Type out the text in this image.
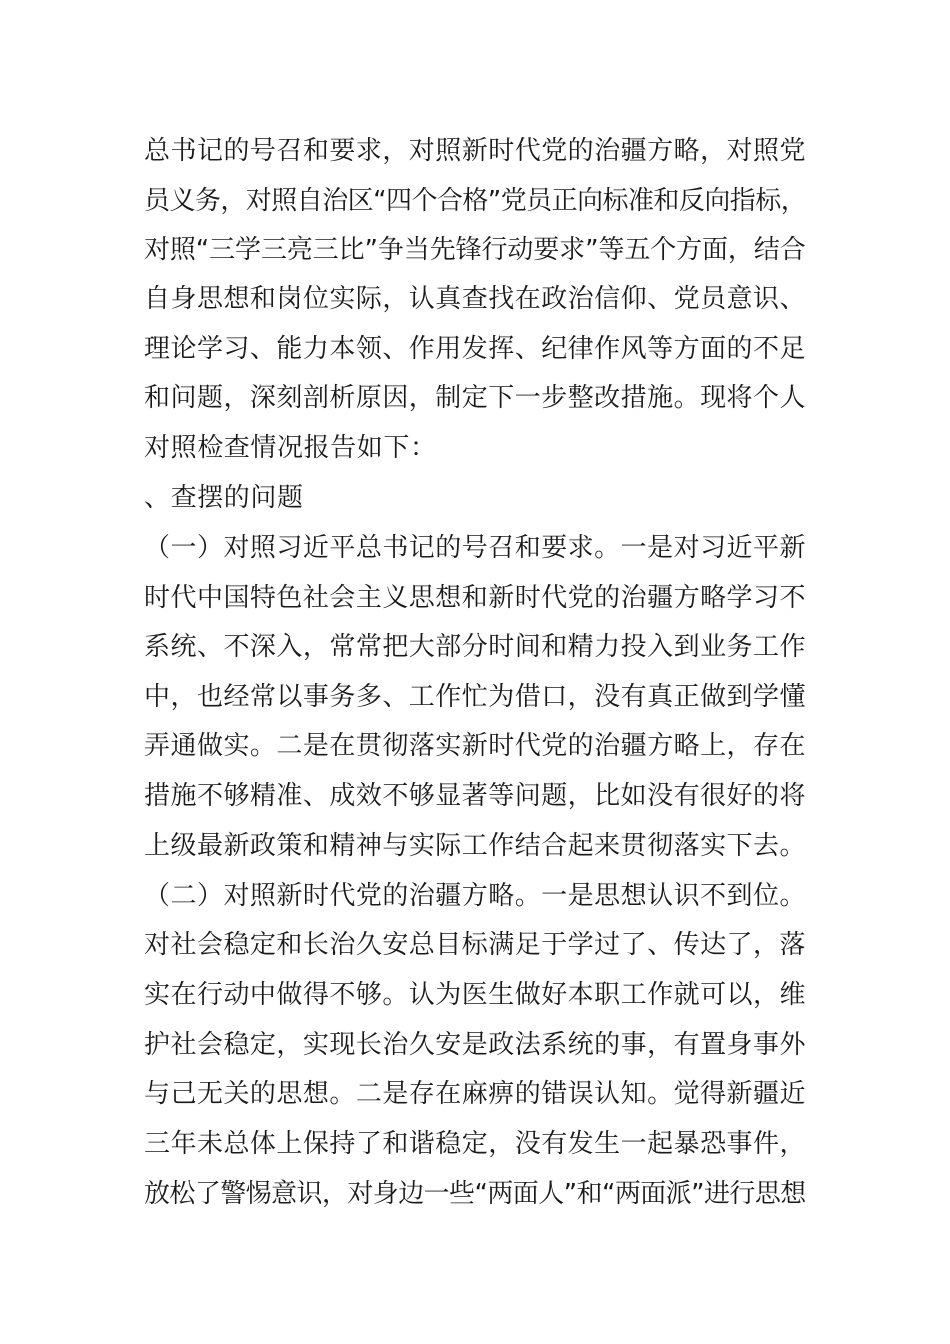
总书记的号召和要求，对照新时代党的治疆方略，对照党
员义务，对照自治区“四个合格”党员正向标准和反向指标，
对照“三学三亮三比”争当先锋行动要求”等五个方面，结合
自身思想和岗位实际，认真查找在政治信仰、党员意识、
理论学习、能力本领、作用发挥、纪律作风等方面的不足
和问题，深刻剖析原因，制定下一步整改措施。现将个人
对照检查情况报告如下：
、查摆的问题
（一）对照习近平总书记的号召和要求。一是对习近平新
时代中国特色社会主义思想和新时代党的治疆方略学习不
系统、不深入，常常把大部分时间和精力投入到业务工作
中，也经常以事务多、工作忙为借口，没有真正做到学懂
弄通做实。二是在贯彻落实新时代党的治疆方略上，存在
措施不够精准、成效不够显著等问题，比如没有很好的将
上级最新政策和精神与实际工作结合起来贯彻落实下去。
（二）对照新时代党的治疆方略。一是思想认识不到位。
对社会稳定和长治久安总目标满足于学过了、传达了，落
实在行动中做得不够。认为医生做好本职工作就可以，维
护社会稳定，实现长治久安是政法系统的事，有置身事外
与己无关的思想。二是存在麻痹的错误认知。觉得新疆近
三年未总体上保持了和谐稳定，没有发生一起暴恐事件，
放松了警惕意识，对身边一些“两面人”和“两面派”进行思想
